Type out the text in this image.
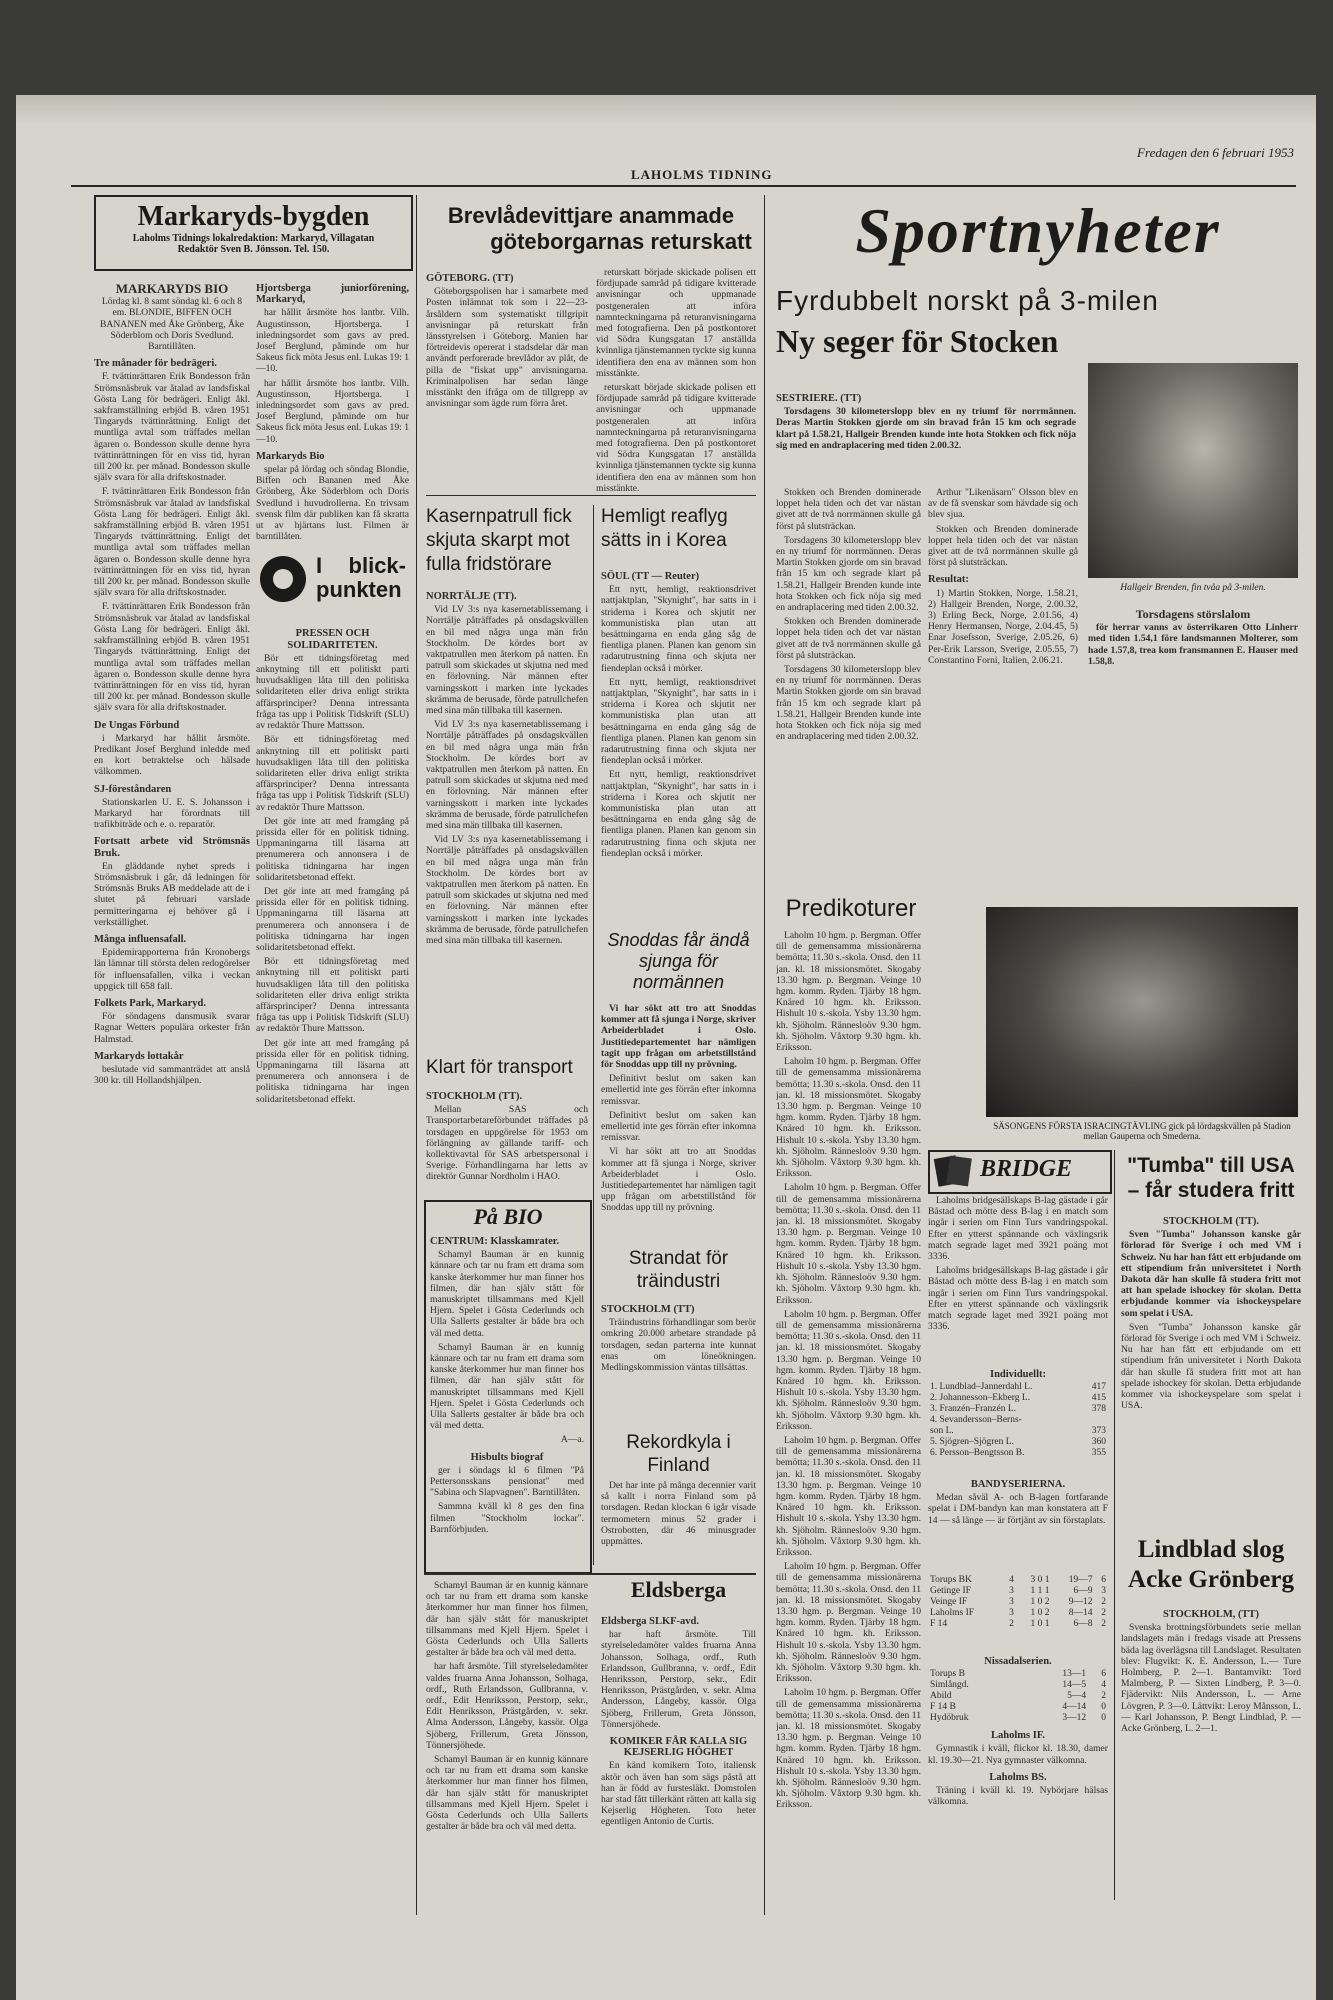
LAHOLMS TIDNING
Fredagen den 6 februari 1953
Markaryds-bygden
Laholms Tidnings lokalredaktion: Markaryd, Villagatan
Redaktör Sven B. Jönsson. Tel. 150.
MARKARYDS BIO

Lördag kl. 8 samt söndag kl. 6 och 8 em. BLONDIE, BIFFEN OCH BANANEN med Åke Grönberg, Åke Söderblom och Doris Svedlund. Barntillåten.

Tre månader för bedrägeri.

F. tvättinrättaren Erik Bondesson från Strömsnäsbruk var åtalad av landsfiskal Gösta Lang för bedrägeri. Enligt åkl. sakframställning erbjöd B. våren 1951 Tingaryds tvättinrättning. Enligt det muntliga avtal som träffades mellan ägaren o. Bondesson skulle denne hyra tvättinrättningen för en viss tid, hyran till 200 kr. per månad. Bondesson skulle själv svara för alla driftskostnader.

F. tvättinrättaren Erik Bondesson från Strömsnäsbruk var åtalad av landsfiskal Gösta Lang för bedrägeri. Enligt åkl. sakframställning erbjöd B. våren 1951 Tingaryds tvättinrättning. Enligt det muntliga avtal som träffades mellan ägaren o. Bondesson skulle denne hyra tvättinrättningen för en viss tid, hyran till 200 kr. per månad. Bondesson skulle själv svara för alla driftskostnader.

F. tvättinrättaren Erik Bondesson från Strömsnäsbruk var åtalad av landsfiskal Gösta Lang för bedrägeri. Enligt åkl. sakframställning erbjöd B. våren 1951 Tingaryds tvättinrättning. Enligt det muntliga avtal som träffades mellan ägaren o. Bondesson skulle denne hyra tvättinrättningen för en viss tid, hyran till 200 kr. per månad. Bondesson skulle själv svara för alla driftskostnader.

De Ungas Förbund

i Markaryd har hållit årsmöte. Predikant Josef Berglund inledde med en kort betraktelse och hälsade välkommen.

SJ-föreståndaren

Stationskarlen U. E. S. Johansson i Markaryd har förordnats till trafikbiträde och e. o. reparatör.

Fortsatt arbete vid Strömsnäs Bruk.

En gläddande nyhet spreds i Strömsnäsbruk i går, då ledningen för Strömsnäs Bruks AB meddelade att de i slutet på februari varslade permitteringarna ej behöver gå i verkställighet.

Många influensafall.

Epidemirapporterna från Kronobergs län lämnar till största delen redogörelser för influensafallen, vilka i veckan uppgick till 658 fall.

Folkets Park, Markaryd.

För söndagens dansmusik svarar Ragnar Wetters populära orkester från Halmstad.

Markaryds lottakår

beslutade vid sammanträdet att anslå 300 kr. till Hollandshjälpen.

Hjortsberga juniorförening, Markaryd,

har hållit årsmöte hos lantbr. Vilh. Augustinsson, Hjortsberga. I inledningsordet som gavs av pred. Josef Berglund, påminde om hur Sakeus fick möta Jesus enl. Lukas 19: 1—10.

har hållit årsmöte hos lantbr. Vilh. Augustinsson, Hjortsberga. I inledningsordet som gavs av pred. Josef Berglund, påminde om hur Sakeus fick möta Jesus enl. Lukas 19: 1—10.

Markaryds Bio

spelar på lördag och söndag Blondie, Biffen och Bananen med Åke Grönberg, Åke Söderblom och Doris Svedlund i huvudrollerna. En trivsam svensk film där publiken kan få skratta ut av hjärtans lust. Filmen är barntillåten.

I blick-punkten
PRESSEN OCH SOLIDARITETEN.

Bör ett tidningsföretag med anknytning till ett politiskt parti huvudsakligen låta till den politiska solidariteten eller driva enligt strikta affärsprinciper? Denna intressanta fråga tas upp i Politisk Tidskrift (SLU) av redaktör Thure Mattsson.

Bör ett tidningsföretag med anknytning till ett politiskt parti huvudsakligen låta till den politiska solidariteten eller driva enligt strikta affärsprinciper? Denna intressanta fråga tas upp i Politisk Tidskrift (SLU) av redaktör Thure Mattsson.

Det gör inte att med framgång på prissida eller för en politisk tidning. Uppmaningarna till läsarna att prenumerera och annonsera i de politiska tidningarna har ingen solidaritetsbetonad effekt.

Det gör inte att med framgång på prissida eller för en politisk tidning. Uppmaningarna till läsarna att prenumerera och annonsera i de politiska tidningarna har ingen solidaritetsbetonad effekt.

Bör ett tidningsföretag med anknytning till ett politiskt parti huvudsakligen låta till den politiska solidariteten eller driva enligt strikta affärsprinciper? Denna intressanta fråga tas upp i Politisk Tidskrift (SLU) av redaktör Thure Mattsson.

Det gör inte att med framgång på prissida eller för en politisk tidning. Uppmaningarna till läsarna att prenumerera och annonsera i de politiska tidningarna har ingen solidaritetsbetonad effekt.

Brevlådevittjare anammade
göteborgarnas returskatt
GÖTEBORG. (TT)

Göteborgspolisen har i samarbete med Posten inlämnat tok som i 22—23-årsåldern som systematiskt tillgripit anvisningar på returskatt från länsstyrelsen i Göteborg. Manien har förtreidevis opererat i stadsdelar där man användt perforerade brevlådor av plåt, de pilla de "fiskat upp" anvisningarna. Kriminalpolisen har sedan länge misstänkt den ifråga om de tillgrepp av anvisningar som ägde rum förra året.

returskatt började skickade polisen ett fördjupade samråd på tidigare kvitterade anvisningar och uppmanade postgeneralen att införa namnteckningarna på returanvisningarna med fotografierna. Den på postkontoret vid Södra Kungsgatan 17 anställda kvinnliga tjänstemannen tyckte sig kunna identifiera den ena av männen som hon misstänkte.

returskatt började skickade polisen ett fördjupade samråd på tidigare kvitterade anvisningar och uppmanade postgeneralen att införa namnteckningarna på returanvisningarna med fotografierna. Den på postkontoret vid Södra Kungsgatan 17 anställda kvinnliga tjänstemannen tyckte sig kunna identifiera den ena av männen som hon misstänkte.

Kasernpatrull fick skjuta skarpt mot fulla fridstörare
NORRTÄLJE (TT).

Vid LV 3:s nya kasernetablissemang i Norrtälje påträffades på onsdagskvällen en bil med några unga män från Stockholm. De kördes bort av vaktpatrullen men återkom på natten. En patrull som skickades ut skjutna ned med en förlovning. När männen efter varningsskott i marken inte lyckades skrämma de berusade, förde patrullchefen med sina män tillbaka till kasernen.

Vid LV 3:s nya kasernetablissemang i Norrtälje påträffades på onsdagskvällen en bil med några unga män från Stockholm. De kördes bort av vaktpatrullen men återkom på natten. En patrull som skickades ut skjutna ned med en förlovning. När männen efter varningsskott i marken inte lyckades skrämma de berusade, förde patrullchefen med sina män tillbaka till kasernen.

Vid LV 3:s nya kasernetablissemang i Norrtälje påträffades på onsdagskvällen en bil med några unga män från Stockholm. De kördes bort av vaktpatrullen men återkom på natten. En patrull som skickades ut skjutna ned med en förlovning. När männen efter varningsskott i marken inte lyckades skrämma de berusade, förde patrullchefen med sina män tillbaka till kasernen.

Klart för transport
STOCKHOLM (TT).

Mellan SAS och Transportarbetareförbundet träffades på torsdagen en uppgörelse för 1953 om förlängning av gällande tariff- och kollektivavtal för SAS arbetspersonal i Sverige. Förhandlingarna har letts av direktör Gunnar Nordholm i HAO.

På BIO
CENTRUM: Klasskamrater.

Schamyl Bauman är en kunnig kännare och tar nu fram ett drama som kanske återkommer hur man finner hos filmen, där han själv stått för manuskriptet tillsammans med Kjell Hjern. Spelet i Gösta Cederlunds och Ulla Sallerts gestalter är både bra och väl med detta.

Schamyl Bauman är en kunnig kännare och tar nu fram ett drama som kanske återkommer hur man finner hos filmen, där han själv stått för manuskriptet tillsammans med Kjell Hjern. Spelet i Gösta Cederlunds och Ulla Sallerts gestalter är både bra och väl med detta.

A—a.

Hisbults biograf

ger i söndags kl 6 filmen "På Pettersonsskans pensionat" med "Sabina och Slapvagnen". Barntillåten.

Sammna kväll kl 8 ges den fina filmen "Stockholm lockar". Barnförbjuden.

Hemligt reaflyg sätts in i Korea
SÖUL (TT — Reuter)

Ett nytt, hemligt, reaktionsdrivet nattjaktplan, "Skynight", har satts in i striderna i Korea och skjutit ner kommunistiska plan utan att besättningarna en enda gång såg de fientliga planen. Planen kan genom sin radarutrustning finna och skjuta ner fiendeplan också i mörker.

Ett nytt, hemligt, reaktionsdrivet nattjaktplan, "Skynight", har satts in i striderna i Korea och skjutit ner kommunistiska plan utan att besättningarna en enda gång såg de fientliga planen. Planen kan genom sin radarutrustning finna och skjuta ner fiendeplan också i mörker.

Ett nytt, hemligt, reaktionsdrivet nattjaktplan, "Skynight", har satts in i striderna i Korea och skjutit ner kommunistiska plan utan att besättningarna en enda gång såg de fientliga planen. Planen kan genom sin radarutrustning finna och skjuta ner fiendeplan också i mörker.

Snoddas får ändå sjunga för normännen

Vi har sökt att tro att Snoddas kommer att få sjunga i Norge, skriver Arbeiderbladet i Oslo. Justitiedepartementet har nämligen tagit upp frågan om arbetstillstånd för Snoddas upp till ny prövning.

Definitivt beslut om saken kan emellertid inte ges förrän efter inkomna remissvar.

Definitivt beslut om saken kan emellertid inte ges förrän efter inkomna remissvar.

Vi har sökt att tro att Snoddas kommer att få sjunga i Norge, skriver Arbeiderbladet i Oslo. Justitiedepartementet har nämligen tagit upp frågan om arbetstillstånd för Snoddas upp till ny prövning.

Strandat för träindustri
STOCKHOLM (TT)

Träindustrins förhandlingar som berör omkring 20.000 arbetare strandade på torsdagen, sedan parterna inte kunnat enas om löneökningen. Medlingskommission väntas tillsättas.

Rekordkyla i Finland

Det har inte på många decennier varit så kallt i norra Finland som på torsdagen. Redan klockan 6 igår visade termometern minus 52 grader i Ostrobotten, där 46 minusgrader uppmättes.

Eldsberga
Eldsberga SLKF-avd.

har haft årsmöte. Till styrelseledamöter valdes fruarna Anna Johansson, Solhaga, ordf., Ruth Erlandsson, Gullbranna, v. ordf., Edit Henriksson, Perstorp, sekr., Edit Henriksson, Prästgården, v. sekr. Alma Andersson, Långeby, kassör. Olga Sjöberg, Frillerum, Greta Jönsson, Tönnersjöhede.

KOMIKER FÅR KALLA SIG KEJSERLIG HÖGHET

En känd komikern Toto, italiensk aktör och även han som sägs påstå att han är född av furstesläkt. Domstolen har stad fått tillerkänt rätten att kalla sig Kejserlig Högheten. Toto heter egentligen Antonio de Curtis.

Schamyl Bauman är en kunnig kännare och tar nu fram ett drama som kanske återkommer hur man finner hos filmen, där han själv stått för manuskriptet tillsammans med Kjell Hjern. Spelet i Gösta Cederlunds och Ulla Sallerts gestalter är både bra och väl med detta.

har haft årsmöte. Till styrelseledamöter valdes fruarna Anna Johansson, Solhaga, ordf., Ruth Erlandsson, Gullbranna, v. ordf., Edit Henriksson, Perstorp, sekr., Edit Henriksson, Prästgården, v. sekr. Alma Andersson, Långeby, kassör. Olga Sjöberg, Frillerum, Greta Jönsson, Tönnersjöhede.

Schamyl Bauman är en kunnig kännare och tar nu fram ett drama som kanske återkommer hur man finner hos filmen, där han själv stått för manuskriptet tillsammans med Kjell Hjern. Spelet i Gösta Cederlunds och Ulla Sallerts gestalter är både bra och väl med detta.

Sportnyheter
Fyrdubbelt norskt på 3-milen
Ny seger för Stocken
SESTRIERE. (TT)

Torsdagens 30 kilometerslopp blev en ny triumf för norrmännen. Deras Martin Stokken gjorde om sin bravad från 15 km och segrade klart på 1.58.21, Hallgeir Brenden kunde inte hota Stokken och fick nöja sig med en andraplacering med tiden 2.00.32.

Hallgeir Brenden, fin tvåa på 3-milen.

Stokken och Brenden dominerade loppet hela tiden och det var nästan givet att de två norrmännen skulle gå först på slutsträckan.

Torsdagens 30 kilometerslopp blev en ny triumf för norrmännen. Deras Martin Stokken gjorde om sin bravad från 15 km och segrade klart på 1.58.21, Hallgeir Brenden kunde inte hota Stokken och fick nöja sig med en andraplacering med tiden 2.00.32.

Stokken och Brenden dominerade loppet hela tiden och det var nästan givet att de två norrmännen skulle gå först på slutsträckan.

Torsdagens 30 kilometerslopp blev en ny triumf för norrmännen. Deras Martin Stokken gjorde om sin bravad från 15 km och segrade klart på 1.58.21, Hallgeir Brenden kunde inte hota Stokken och fick nöja sig med en andraplacering med tiden 2.00.32.

Arthur "Likenäsarn" Olsson blev en av de få svenskar som hävdade sig och blev sjua.

Stokken och Brenden dominerade loppet hela tiden och det var nästan givet att de två norrmännen skulle gå först på slutsträckan.

Resultat:

1) Martin Stokken, Norge, 1.58.21, 2) Hallgeir Brenden, Norge, 2.00.32, 3) Erling Beck, Norge, 2.01.56, 4) Henry Hermansen, Norge, 2.04.45, 5) Enar Josefsson, Sverige, 2.05.26, 6) Per-Erik Larsson, Sverige, 2.05.55, 7) Constantino Forni, Italien, 2.06.21.

Torsdagens störslalom

för herrar vanns av österrikaren Otto Linherr med tiden 1.54,1 före landsmannen Molterer, som hade 1.57,8, trea kom fransmannen E. Hauser med 1.58,8.

Predikoturer

Laholm 10 hgm. p. Bergman. Offer till de gemensamma missionärerna bemötta; 11.30 s.-skola. Onsd. den 11 jan. kl. 18 missionsmötet. Skogaby 13.30 hgm. p. Bergman. Veinge 10 hgm. komm. Ryden. Tjärby 18 hgm. Knäred 10 hgm. kh. Eriksson. Hishult 10 s.-skola. Ysby 13.30 hgm. kh. Sjöholm. Rännesloöv 9.30 hgm. kh. Sjöholm. Våxtorp 9.30 hgm. kh. Eriksson.

Laholm 10 hgm. p. Bergman. Offer till de gemensamma missionärerna bemötta; 11.30 s.-skola. Onsd. den 11 jan. kl. 18 missionsmötet. Skogaby 13.30 hgm. p. Bergman. Veinge 10 hgm. komm. Ryden. Tjärby 18 hgm. Knäred 10 hgm. kh. Eriksson. Hishult 10 s.-skola. Ysby 13.30 hgm. kh. Sjöholm. Rännesloöv 9.30 hgm. kh. Sjöholm. Våxtorp 9.30 hgm. kh. Eriksson.

Laholm 10 hgm. p. Bergman. Offer till de gemensamma missionärerna bemötta; 11.30 s.-skola. Onsd. den 11 jan. kl. 18 missionsmötet. Skogaby 13.30 hgm. p. Bergman. Veinge 10 hgm. komm. Ryden. Tjärby 18 hgm. Knäred 10 hgm. kh. Eriksson. Hishult 10 s.-skola. Ysby 13.30 hgm. kh. Sjöholm. Rännesloöv 9.30 hgm. kh. Sjöholm. Våxtorp 9.30 hgm. kh. Eriksson.

Laholm 10 hgm. p. Bergman. Offer till de gemensamma missionärerna bemötta; 11.30 s.-skola. Onsd. den 11 jan. kl. 18 missionsmötet. Skogaby 13.30 hgm. p. Bergman. Veinge 10 hgm. komm. Ryden. Tjärby 18 hgm. Knäred 10 hgm. kh. Eriksson. Hishult 10 s.-skola. Ysby 13.30 hgm. kh. Sjöholm. Rännesloöv 9.30 hgm. kh. Sjöholm. Våxtorp 9.30 hgm. kh. Eriksson.

Laholm 10 hgm. p. Bergman. Offer till de gemensamma missionärerna bemötta; 11.30 s.-skola. Onsd. den 11 jan. kl. 18 missionsmötet. Skogaby 13.30 hgm. p. Bergman. Veinge 10 hgm. komm. Ryden. Tjärby 18 hgm. Knäred 10 hgm. kh. Eriksson. Hishult 10 s.-skola. Ysby 13.30 hgm. kh. Sjöholm. Rännesloöv 9.30 hgm. kh. Sjöholm. Våxtorp 9.30 hgm. kh. Eriksson.

Laholm 10 hgm. p. Bergman. Offer till de gemensamma missionärerna bemötta; 11.30 s.-skola. Onsd. den 11 jan. kl. 18 missionsmötet. Skogaby 13.30 hgm. p. Bergman. Veinge 10 hgm. komm. Ryden. Tjärby 18 hgm. Knäred 10 hgm. kh. Eriksson. Hishult 10 s.-skola. Ysby 13.30 hgm. kh. Sjöholm. Rännesloöv 9.30 hgm. kh. Sjöholm. Våxtorp 9.30 hgm. kh. Eriksson.

Laholm 10 hgm. p. Bergman. Offer till de gemensamma missionärerna bemötta; 11.30 s.-skola. Onsd. den 11 jan. kl. 18 missionsmötet. Skogaby 13.30 hgm. p. Bergman. Veinge 10 hgm. komm. Ryden. Tjärby 18 hgm. Knäred 10 hgm. kh. Eriksson. Hishult 10 s.-skola. Ysby 13.30 hgm. kh. Sjöholm. Rännesloöv 9.30 hgm. kh. Sjöholm. Våxtorp 9.30 hgm. kh. Eriksson.

SÄSONGENS FÖRSTA ISRACINGTÄVLING gick på lördagskvällen på Stadion mellan Gauperna och Smederna.
BRIDGE

Laholms bridgesällskaps B-lag gästade i går Båstad och mötte dess B-lag i en match som ingår i serien om Finn Turs vandringspokal. Efter en ytterst spännande och växlingsrik match segrade laget med 3921 poäng mot 3336.

Laholms bridgesällskaps B-lag gästade i går Båstad och mötte dess B-lag i en match som ingår i serien om Finn Turs vandringspokal. Efter en ytterst spännande och växlingsrik match segrade laget med 3921 poäng mot 3336.

Individuellt:
1. Lundblad–Jannerdahl L.	417
2. Johannesson–Ekberg L.	415
3. Franzén–Franzén L.	378
4. Sevandersson–Berns-	
son L.	373
5. Sjögren–Sjögren L.	360
6. Persson–Bengtsson B.	355
BANDYSERIERNA.

Medan såväl A- och B-lagen fortfarande spelat i DM-bandyn kan man konstatera att F 14 — så länge — är förtjänt av sin förstaplats.

Torups BK	4	3 0 1	19—7	6
Getinge IF	3	1 1 1	6—9	3
Veinge IF	3	1 0 2	9—12	2
Laholms IF	3	1 0 2	8—14	2
F 14	2	1 0 1	6—8	2
Nissadalserien.
Torups B	13—1	6
Simlångd.	14—5	4
Abild	5—4	2
F 14 B	4—14	0
Hydöbruk	3—12	0
Laholms IF.

Gymnastik i kväll, flickor kl. 18.30, damer kl. 19.30—21. Nya gymnaster välkomna.

Laholms BS.

Träning i kväll kl. 19. Nybörjare hälsas välkomna.

"Tumba" till USA – får studera fritt
STOCKHOLM (TT).

Sven "Tumba" Johansson kanske går förlorad för Sverige i och med VM i Schweiz. Nu har han fått ett erbjudande om ett stipendium från universitetet i North Dakota där han skulle få studera fritt mot att han spelade ishockey för skolan. Detta erbjudande kommer via ishockeyspelare som spelat i USA.

Sven "Tumba" Johansson kanske går förlorad för Sverige i och med VM i Schweiz. Nu har han fått ett erbjudande om ett stipendium från universitetet i North Dakota där han skulle få studera fritt mot att han spelade ishockey för skolan. Detta erbjudande kommer via ishockeyspelare som spelat i USA.

Lindblad slog Acke Grönberg
STOCKHOLM, (TT)

Svenska brottningsförbundets serie mellan landslagets män i fredags visade att Pressens bäda lag överlägsna till Landslaget. Resultaten blev: Flugvikt: K. E. Andersson, L.— Ture Holmberg, P. 2—1. Bantamvikt: Tord Malmberg, P. — Sixten Lindberg, P. 3—0. Fjädervikt: Nils Andersson, L. — Arne Lövgren, P. 3—0. Lättvikt: Leroy Månsson, L. — Karl Johansson, P. Bengt Lindblad, P. — Acke Grönberg, L. 2—1.
